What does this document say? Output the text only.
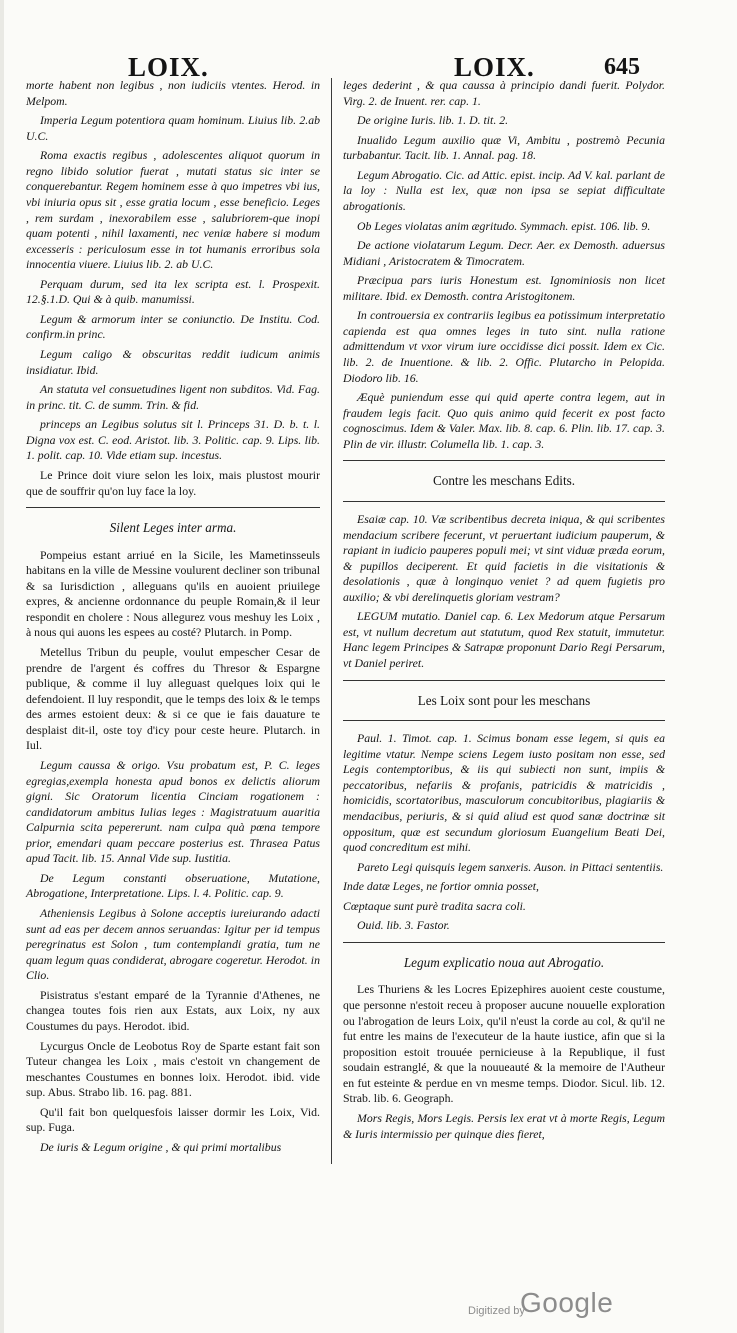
LOIX.	LOIX.	645

morte habent non legibus , non iudiciis vtentes. Herod. in Melpom.

Imperia Legum potentiora quam hominum. Liuius lib. 2.ab U.C.

Roma exactis regibus , adolescentes aliquot quorum in regno libido solutior fuerat , mutati status sic inter se conquerebantur. Regem hominem esse à quo impetres vbi ius, vbi iniuria opus sit , esse gratia locum , esse beneficio. Leges , rem surdam , inexorabilem esse , salubriorem-que inopi quam potenti , nihil laxamenti, nec veniæ habere si modum excesseris : periculosum esse in tot humanis erroribus sola innocentia viuere. Liuius lib. 2. ab U.C.

Perquam durum, sed ita lex scripta est. l. Prospexit. 12.§.1.D. Qui & à quib. manumissi.

Legum & armorum inter se coniunctio. De Institu. Cod. confirm.in princ.

Legum caligo & obscuritas reddit iudicum animis insidiatur. Ibid.

An statuta vel consuetudines ligent non subditos. Vid. Fag. in princ. tit. C. de summ. Trin. & fid.

princeps an Legibus solutus sit l. Princeps 31. D. b. t. l. Digna vox est. C. eod. Aristot. lib. 3. Politic. cap. 9. Lips. lib. 1. polit. cap. 10. Vide etiam sup. incestus.

Le Prince doit viure selon les loix, mais plustost mourir que de souffrir qu'on luy face la loy.

Silent Leges inter arma.

Pompeius estant arriué en la Sicile, les Mametinsseuls habitans en la ville de Messine voulurent decliner son tribunal & sa Iurisdiction , alleguans qu'ils en auoient priuilege expres, & ancienne ordonnance du peuple Romain,& il leur respondit en cholere : Nous allegurez vous meshuy les Loix , à nous qui auons les espees au costé? Plutarch. in Pomp.

Metellus Tribun du peuple, voulut empescher Cesar de prendre de l'argent és coffres du Thresor & Espargne publique, & comme il luy alleguast quelques loix qui le defendoient. Il luy respondit, que le temps des loix & le temps des armes estoient deux: & si ce que ie fais dauature te desplaist dit-il, oste toy d'icy pour ceste heure. Plutarch. in Iul.

Legum caussa & origo. Vsu probatum est, P. C. leges egregias,exempla honesta apud bonos ex delictis aliorum gigni. Sic Oratorum licentia Cinciam rogationem : candidatorum ambitus Iulias leges : Magistratuum auaritia Calpurnia scita pepererunt. nam culpa quà pœna tempore prior, emendari quam peccare posterius est. Thrasea Patus apud Tacit. lib. 15. Annal Vide sup. Iustitia.

De Legum constanti obseruatione, Mutatione, Abrogatione, Interpretatione. Lips. l. 4. Politic. cap. 9.

Atheniensis Legibus à Solone acceptis iureiurando adacti sunt ad eas per decem annos seruandas: Igitur per id tempus peregrinatus est Solon , tum contemplandi gratia, tum ne quam legum quas condiderat, abrogare cogeretur. Herodot. in Clio.

Pisistratus s'estant emparé de la Tyrannie d'Athenes, ne changea toutes fois rien aux Estats, aux Loix, ny aux Coustumes du pays. Herodot. ibid.

Lycurgus Oncle de Leobotus Roy de Sparte estant fait son Tuteur changea les Loix , mais c'estoit vn changement de meschantes Coustumes en bonnes loix. Herodot. ibid. vide sup. Abus. Strabo lib. 16. pag. 881.

Qu'il fait bon quelquesfois laisser dormir les Loix, Vid. sup. Fuga.

De iuris & Legum origine , & qui primi mortalibus

leges dederint , & qua caussa à principio dandi fuerit. Polydor. Virg. 2. de Inuent. rer. cap. 1.

De origine Iuris. lib. 1. D. tit. 2.

Inualido Legum auxilio quæ Vi, Ambitu , postremò Pecunia turbabantur. Tacit. lib. 1. Annal. pag. 18.

Legum Abrogatio. Cic. ad Attic. epist. incip. Ad V. kal. parlant de la loy : Nulla est lex, quæ non ipsa se sepiat difficultate abrogationis.

Ob Leges violatas anim ægritudo. Symmach. epist. 106. lib. 9.

De actione violatarum Legum. Decr. Aer. ex Demosth. aduersus Midiani , Aristocratem & Timocratem.

Præcipua pars iuris Honestum est. Ignominiosis non licet militare. Ibid. ex Demosth. contra Aristogitonem.

In controuersia ex contrariis legibus ea potissimum interpretatio capienda est qua omnes leges in tuto sint. nulla ratione admittendum vt vxor virum iure occidisse dici possit. Idem ex Cic. lib. 2. de Inuentione. & lib. 2. Offic. Plutarcho in Pelopida. Diodoro lib. 16.

Æquè puniendum esse qui quid aperte contra legem, aut in fraudem legis facit. Quo quis animo quid fecerit ex post facto cognoscimus. Idem & Valer. Max. lib. 8. cap. 6. Plin. lib. 17. cap. 3. Plin de vir. illustr. Columella lib. 1. cap. 3.

Contre les meschans Edits.

Esaiæ cap. 10. Væ scribentibus decreta iniqua, & qui scribentes mendacium scribere fecerunt, vt peruertant iudicium pauperum, & rapiant in iudicio pauperes populi mei; vt sint viduæ præda eorum, & pupillos deciperent. Et quid facietis in die visitationis & desolationis , quæ à longinquo veniet ? ad quem fugietis pro auxilio; & vbi derelinquetis gloriam vestram?

LEGUM mutatio. Daniel cap. 6. Lex Medorum atque Persarum est, vt nullum decretum aut statutum, quod Rex statuit, immutetur. Hanc legem Principes & Satrapæ proponunt Dario Regi Persarum, vt Daniel periret.

Les Loix sont pour les meschans

Paul. 1. Timot. cap. 1. Scimus bonam esse legem, si quis ea legitime vtatur. Nempe sciens Legem iusto positam non esse, sed Legis contemptoribus, & iis qui subiecti non sunt, impiis & peccatoribus, nefariis & profanis, patricidis & matricidis , homicidis, scortatoribus, masculorum concubitoribus, plagiariis & mendacibus, periuris, & si quid aliud est quod sanæ doctrinæ sit oppositum, quæ est secundum gloriosum Euangelium Beati Dei, quod concreditum est mihi.

Pareto Legi quisquis legem sanxeris. Auson. in Pittaci sententiis.

Inde datæ Leges, ne fortior omnia posset,

Cœptaque sunt purè tradita sacra coli.

Ouid. lib. 3. Fastor.

Legum explicatio noua aut Abrogatio.

Les Thuriens & les Locres Epizephires auoient ceste coustume, que personne n'estoit receu à proposer aucune nouuelle exploration ou l'abrogation de leurs Loix, qu'il n'eust la corde au col, & qu'il ne fut entre les mains de l'executeur de la haute iustice, afin que si la proposition estoit trouuée pernicieuse à la Republique, il fust soudain estranglé, & que la nouueauté & la memoire de l'Autheur en fut esteinte & perdue en vn mesme temps. Diodor. Sicul. lib. 12. Strab. lib. 6. Geograph.

Mors Regis, Mors Legis. Persis lex erat vt à morte Regis, Legum & Iuris intermissio per quinque dies fieret,

Digitized by
Google
